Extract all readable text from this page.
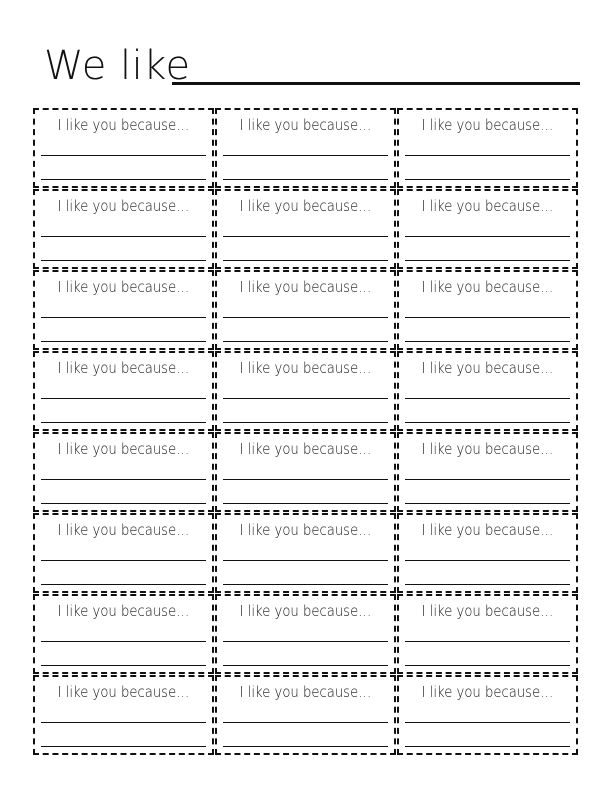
We like
I like you because…	I like you because…	I like you because…
I like you because…	I like you because…	I like you because…
I like you because…	I like you because…	I like you because…
I like you because…	I like you because…	I like you because…
I like you because…	I like you because…	I like you because…
I like you because…	I like you because…	I like you because…
I like you because…	I like you because…	I like you because…
I like you because…	I like you because…	I like you because…
